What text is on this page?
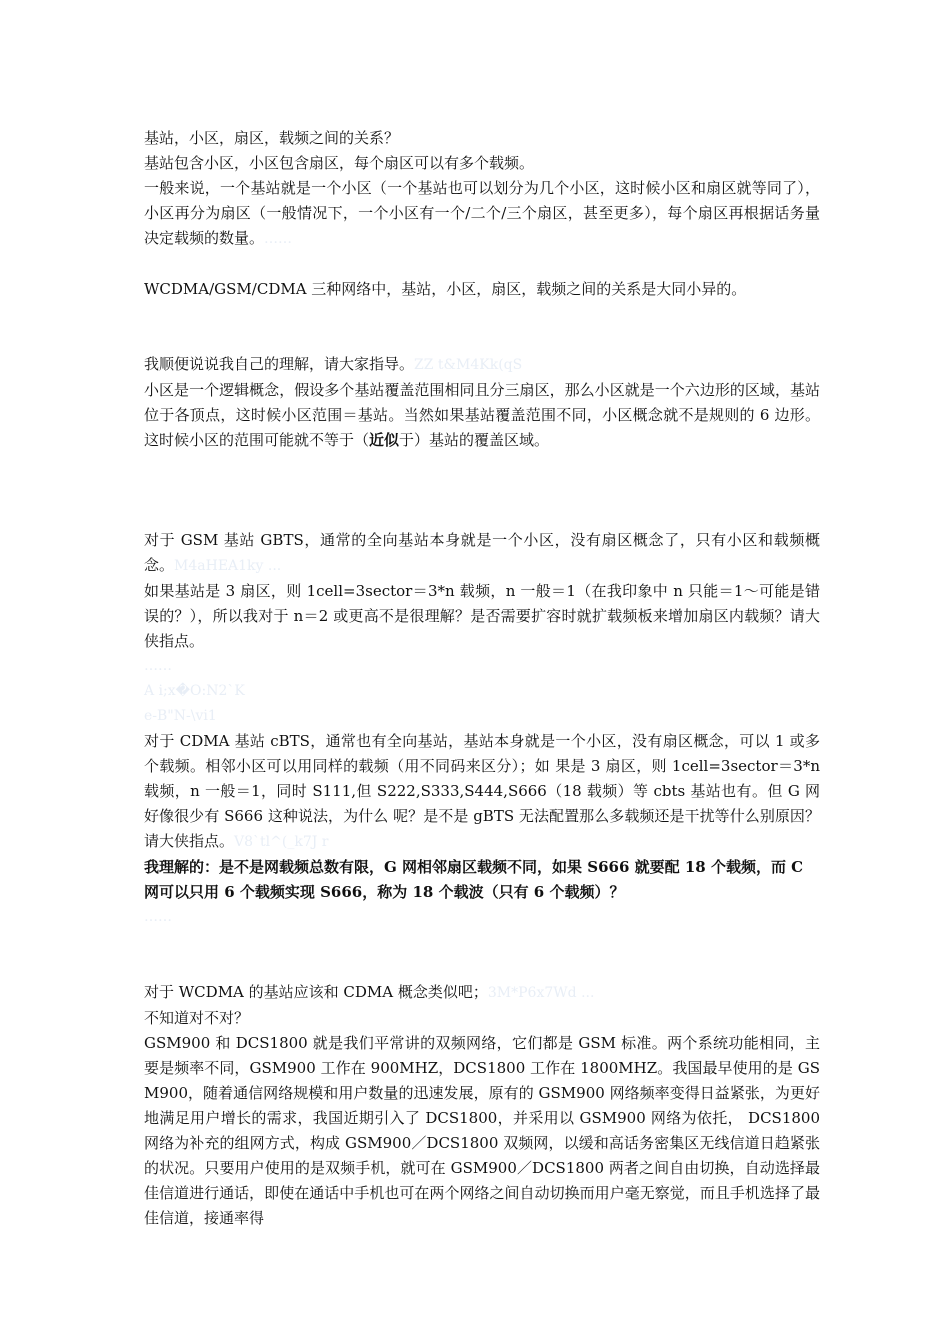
基站，小区，扇区，载频之间的关系？

基站包含小区，小区包含扇区，每个扇区可以有多个载频。

一般来说，一个基站就是一个小区（一个基站也可以划分为几个小区，这时候小区和扇区就等同了），小区再分为扇区（一般情况下，一个小区有一个/二个/三个扇区，甚至更多），每个扇区再根据话务量决定载频的数量。……

WCDMA/GSM/CDMA 三种网络中，基站，小区，扇区，载频之间的关系是大同小异的。

我顺便说说我自己的理解，请大家指导。ZZ t&M4Kk(qS

小区是一个逻辑概念，假设多个基站覆盖范围相同且分三扇区，那么小区就是一个六边形的区域，基站位于各顶点，这时候小区范围＝基站。当然如果基站覆盖范围不同，小区概念就不是规则的 6 边形。这时候小区的范围可能就不等于（近似于）基站的覆盖区域。

对于 GSM 基站 GBTS，通常的全向基站本身就是一个小区，没有扇区概念了，只有小区和载频概念。M4aHEA1ky ...

如果基站是 3 扇区，则 1cell=3sector＝3*n 载频，n 一般＝1（在我印象中 n 只能＝1～可能是错误的？），所以我对于 n＝2 或更高不是很理解？是否需要扩容时就扩载频板来增加扇区内载频？请大侠指点。

……
A i;x�O:N2`K
e-B"N-\vi1

对于 CDMA 基站 cBTS，通常也有全向基站，基站本身就是一个小区，没有扇区概念，可以 1 或多个载频。相邻小区可以用同样的载频（用不同码来区分）；如 果是 3 扇区，则 1cell=3sector＝3*n 载频，n 一般＝1，同时 S111,但 S222,S333,S444,S666（18 载频）等 cbts 基站也有。但 G 网好像很少有 S666 这种说法，为什么 呢？是不是 gBTS 无法配置那么多载频还是干扰等什么别原因？请大侠指点。V8`tl^(_k7J r

我理解的：是不是网载频总数有限，G 网相邻扇区载频不同，如果 S666 就要配 18 个载频，而 C 网可以只用 6 个载频实现 S666，称为 18 个载波（只有 6 个载频）？

……

对于 WCDMA 的基站应该和 CDMA 概念类似吧；3M*P6x7Wd ...

不知道对不对？

GSM900 和 DCS1800 就是我们平常讲的双频网络，它们都是 GSM 标准。两个系统功能相同，主要是频率不同，GSM900 工作在 900MHZ，DCS1800 工作在 1800MHZ。我国最早使用的是 GSM900，随着通信网络规模和用户数量的迅速发展，原有的 GSM900 网络频率变得日益紧张，为更好地满足用户增长的需求，我国近期引入了 DCS1800，并采用以 GSM900 网络为依托， DCS1800 网络为补充的组网方式，构成 GSM900／DCS1800 双频网，以缓和高话务密集区无线信道日趋紧张的状况。只要用户使用的是双频手机，就可在 GSM900／DCS1800 两者之间自由切换，自动选择最佳信道进行通话，即使在通话中手机也可在两个网络之间自动切换而用户毫无察觉，而且手机选择了最佳信道，接通率得
